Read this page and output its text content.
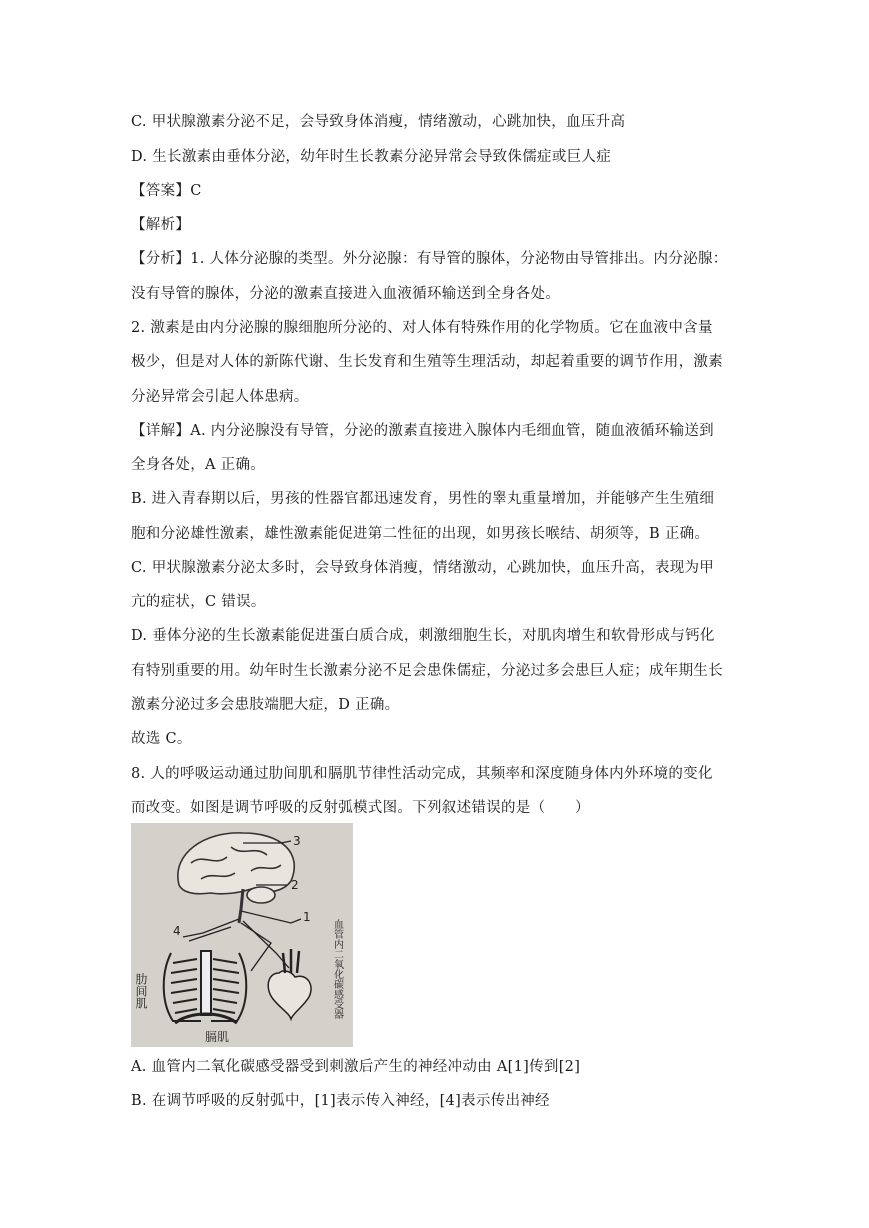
C. 甲状腺激素分泌不足，会导致身体消瘦，情绪激动，心跳加快，血压升高
D. 生长激素由垂体分泌，幼年时生长教素分泌异常会导致侏儒症或巨人症
【答案】C
【解析】
【分析】1. 人体分泌腺的类型。外分泌腺：有导管的腺体，分泌物由导管排出。内分泌腺：
没有导管的腺体，分泌的激素直接进入血液循环输送到全身各处。
2. 激素是由内分泌腺的腺细胞所分泌的、对人体有特殊作用的化学物质。它在血液中含量
极少，但是对人体的新陈代谢、生长发育和生殖等生理活动，却起着重要的调节作用，激素
分泌异常会引起人体患病。
【详解】A. 内分泌腺没有导管，分泌的激素直接进入腺体内毛细血管，随血液循环输送到
全身各处，A 正确。
B. 进入青春期以后，男孩的性器官都迅速发育，男性的睾丸重量增加，并能够产生生殖细
胞和分泌雄性激素，雄性激素能促进第二性征的出现，如男孩长喉结、胡须等，B 正确。
C. 甲状腺激素分泌太多时，会导致身体消瘦，情绪激动，心跳加快，血压升高，表现为甲
亢的症状，C 错误。
D. 垂体分泌的生长激素能促进蛋白质合成，刺激细胞生长，对肌肉增生和软骨形成与钙化
有特别重要的用。幼年时生长激素分泌不足会患侏儒症，分泌过多会患巨人症；成年期生长
激素分泌过多会患肢端肥大症，D 正确。
故选 C。
8. 人的呼吸运动通过肋间肌和膈肌节律性活动完成，其频率和深度随身体内外环境的变化
而改变。如图是调节呼吸的反射弧模式图。下列叙述错误的是（　　）
3
2
1
4
肋间肌	血管内二氧化碳感受器
膈肌
A. 血管内二氧化碳感受器受到刺激后产生的神经冲动由 A[1]传到[2]
B. 在调节呼吸的反射弧中，[1]表示传入神经，[4]表示传出神经
